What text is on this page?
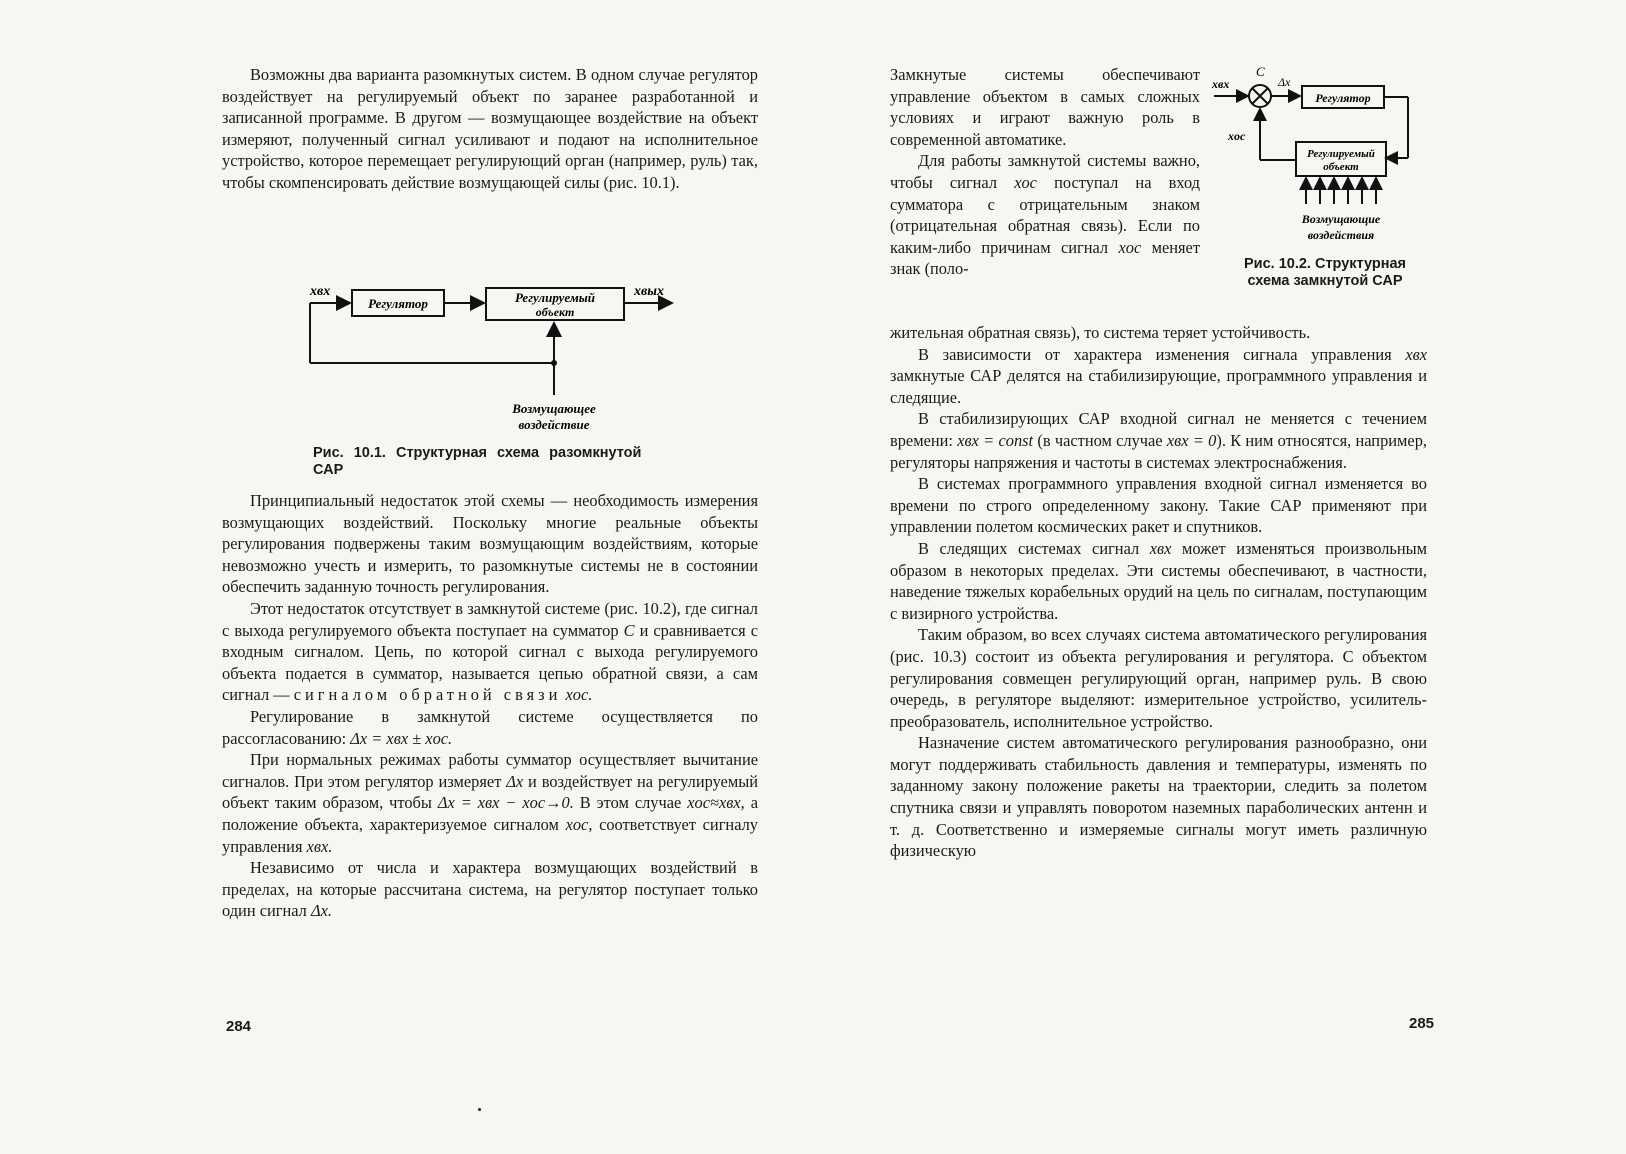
Возможны два варианта разомкнутых систем. В одном случае регулятор воздействует на регулируемый объект по заранее разработанной и записанной программе. В другом — возмущающее воздействие на объект измеряют, полученный сигнал усиливают и подают на исполнительное устройство, которое перемещает регулирующий орган (например, руль) так, чтобы скомпенсировать действие возмущающей силы (рис. 10.1).

xвх
Регулятор	Регулируемый
объект
xвых
Возмущающее
воздействие
Рис. 10.1. Структурная схема разомкнутой САР

Принципиальный недостаток этой схемы — необходимость измерения возмущающих воздействий. Поскольку многие реальные объекты регулирования подвержены таким возмущающим воздействиям, которые невозможно учесть и измерить, то разомкнутые системы не в состоянии обеспечить заданную точность регулирования.

Этот недостаток отсутствует в замкнутой системе (рис. 10.2), где сигнал с выхода регулируемого объекта поступает на сумматор С и сравнивается с входным сигналом. Цепь, по которой сигнал с выхода регулируемого объекта подается в сумматор, называется цепью обратной связи, а сам сигнал — сигналом обратной связи xос.

Регулирование в замкнутой системе осуществляется по рассогласованию: Δx = xвх ± xос.

При нормальных режимах работы сумматор осуществляет вычитание сигналов. При этом регулятор измеряет Δx и воздействует на регулируемый объект таким образом, чтобы Δx = xвх − xос→0. В этом случае xос≈xвх, а положение объекта, характеризуемое сигналом xос, соответствует сигналу управления xвх.

Независимо от числа и характера возмущающих воздействий в пределах, на которые рассчитана система, на регулятор поступает только один сигнал Δx.

284

Замкнутые системы обеспечивают управление объектом в самых сложных условиях и играют важную роль в современной автоматике.

Для работы замкнутой системы важно, чтобы сигнал xос поступал на вход сумматора с отрицательным знаком (отрицательная обратная связь). Если по каким-либо причинам сигнал xос меняет знак (поло-

xвх
C
Δx
Регулятор
Регулируемый
объект
xос
Возмущающие
воздействия
Рис. 10.2. Структурная
схема замкнутой САР

жительная обратная связь), то система теряет устойчивость.

В зависимости от характера изменения сигнала управления xвх замкнутые САР делятся на стабилизирующие, программного управления и следящие.

В стабилизирующих САР входной сигнал не меняется с течением времени: xвх = const (в частном случае xвх = 0). К ним относятся, например, регуляторы напряжения и частоты в системах электроснабжения.

В системах программного управления входной сигнал изменяется во времени по строго определенному закону. Такие САР применяют при управлении полетом космических ракет и спутников.

В следящих системах сигнал xвх может изменяться произвольным образом в некоторых пределах. Эти системы обеспечивают, в частности, наведение тяжелых корабельных орудий на цель по сигналам, поступающим с визирного устройства.

Таким образом, во всех случаях система автоматического регулирования (рис. 10.3) состоит из объекта регулирования и регулятора. С объектом регулирования совмещен регулирующий орган, например руль. В свою очередь, в регуляторе выделяют: измерительное устройство, усилитель-преобразователь, исполнительное устройство.

Назначение систем автоматического регулирования разнообразно, они могут поддерживать стабильность давления и температуры, изменять по заданному закону положение ракеты на траектории, следить за полетом спутника связи и управлять поворотом наземных параболических антенн и т. д. Соответственно и измеряемые сигналы могут иметь различную физическую

285
